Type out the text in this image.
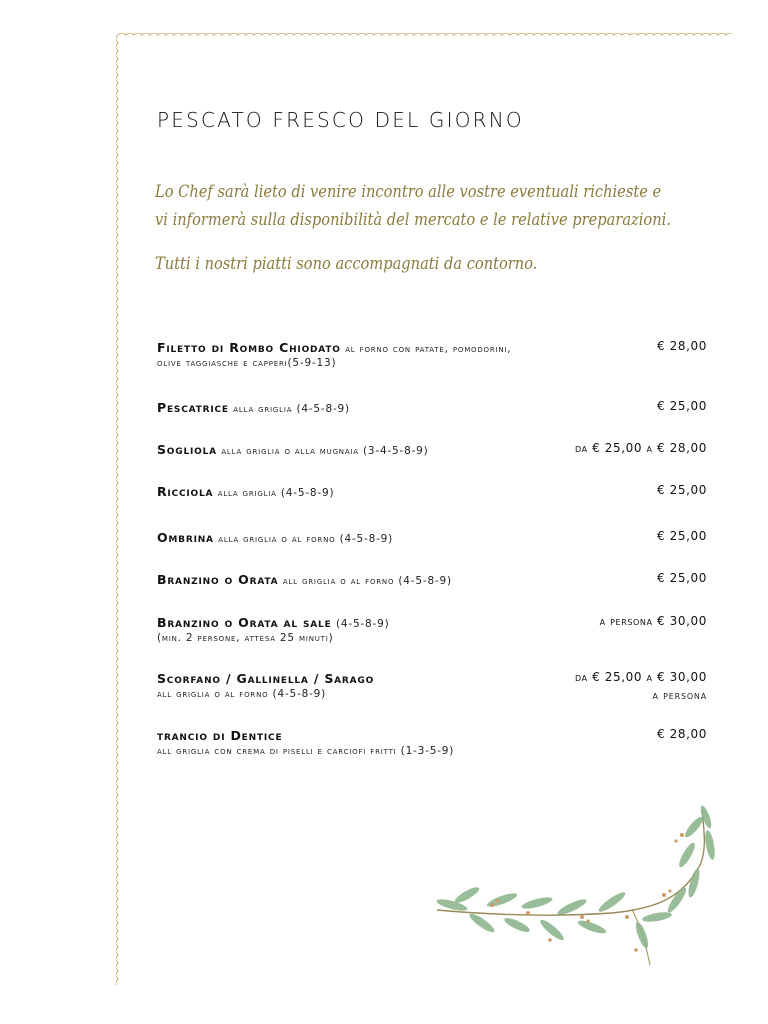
PESCATO FRESCO DEL GIORNO
Lo Chef sarà lieto di venire incontro alle vostre eventuali richieste e
vi informerà sulla disponibilità del mercato e le relative preparazioni.
Tutti i nostri piatti sono accompagnati da contorno.
Filetto di Rombo Chiodato al forno con patate, pomodorini,	€ 28,00
olive taggiasche e capperi(5-9-13)
Pescatrice alla griglia (4-5-8-9)	€ 25,00
Sogliola alla griglia o alla mugnaia (3-4-5-8-9)	da € 25,00 a € 28,00
Ricciola alla griglia (4-5-8-9)	€ 25,00
Ombrina alla griglia o al forno (4-5-8-9)	€ 25,00
Branzino o Orata all griglia o al forno (4-5-8-9)	€ 25,00
Branzino o Orata al sale (4-5-8-9)	a persona € 30,00
(min. 2 persone, attesa 25 minuti)
Scorfano / Gallinella / Sarago	da € 25,00 a € 30,00
all griglia o al forno (4-5-8-9)	a persona
trancio di Dentice	€ 28,00
all griglia con crema di piselli e carciofi fritti (1-3-5-9)
